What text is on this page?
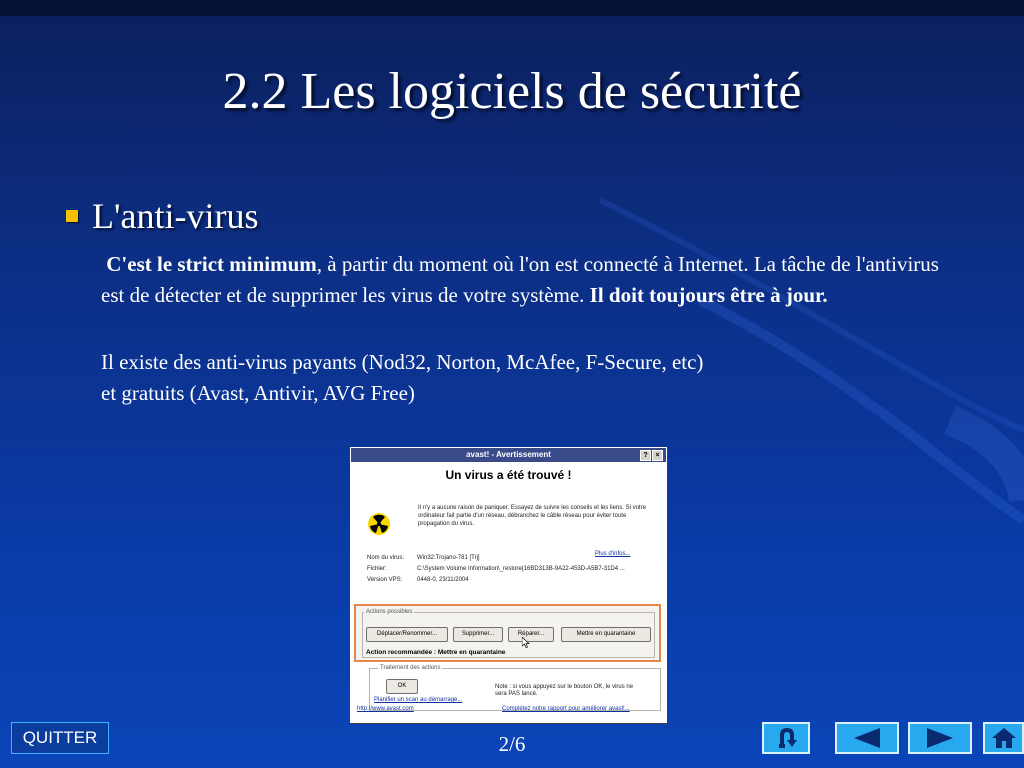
2.2 Les logiciels de sécurité
L'anti-virus
C'est le strict minimum, à partir du moment où l'on est connecté à Internet. La tâche de l'antivirus est de détecter et de supprimer les virus de votre système. Il doit toujours être à jour.
Il existe des anti-virus payants (Nod32, Norton, McAfee, F-Secure, etc)
et gratuits (Avast, Antivir, AVG Free)
avast! - Avertissement	?	×
Un virus a été trouvé !
Il n'y a aucune raison de paniquer. Essayez de suivre les conseils et les liens. Si votre ordinateur fait partie d'un réseau, débranchez le câble réseau pour éviter toute propagation du virus.
Plus d'infos...
Nom du virus: Win32:Trojano-781 [Trj]
Fichier:	C:\System Volume Information\_restore{16BD313B-9A22-453D-A5B7-31D4 ...
Version VPS: 0448-0, 23/11/2004
Actions possibles
Déplacer/Renommer...	Supprimer...	Réparer...	Mettre en quarantaine
Action recommandée : Mettre en quarantaine
Traitement des actions
OK
Planifier un scan au démarrage...
Note : si vous appuyez sur le bouton OK, le virus ne sera PAS lancé.
http://www.avast.com	Complétez notre rapport pour améliorer avast!...
QUITTER	2/6
